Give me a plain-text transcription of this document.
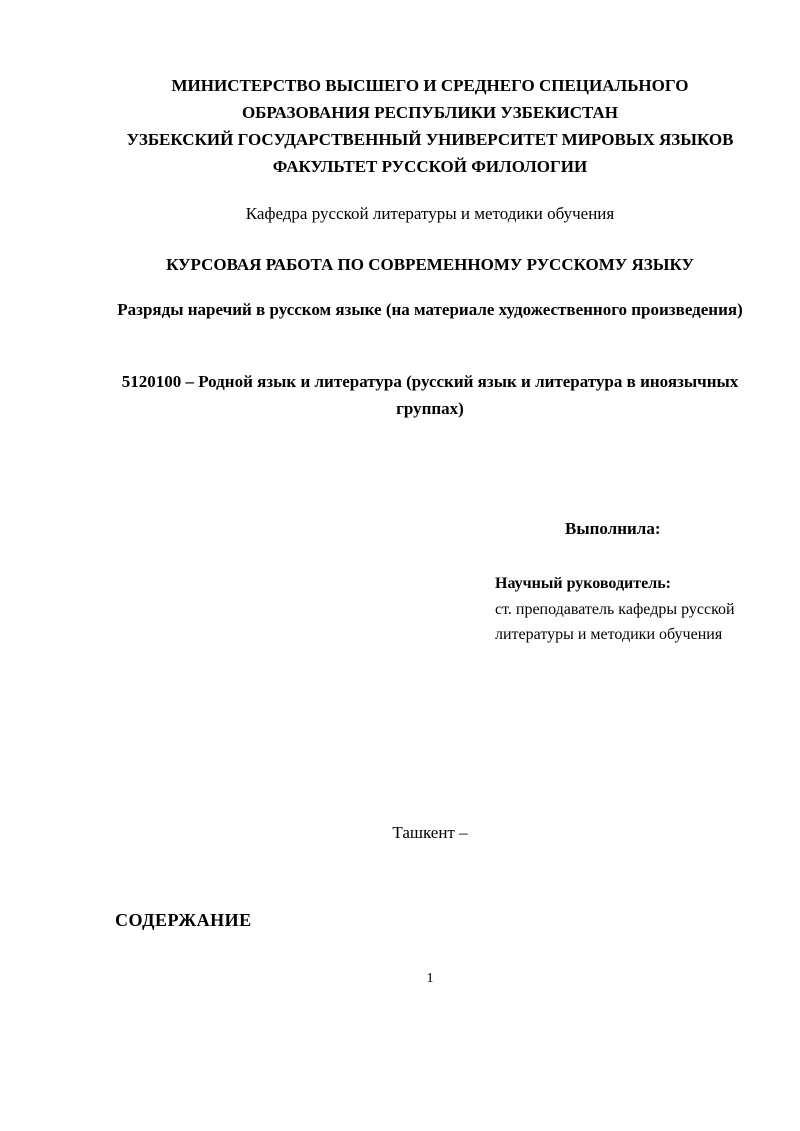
МИНИСТЕРСТВО ВЫСШЕГО И СРЕДНЕГО СПЕЦИАЛЬНОГО ОБРАЗОВАНИЯ РЕСПУБЛИКИ УЗБЕКИСТАН
УЗБЕКСКИЙ ГОСУДАРСТВЕННЫЙ УНИВЕРСИТЕТ МИРОВЫХ ЯЗЫКОВ
ФАКУЛЬТЕТ РУССКОЙ ФИЛОЛОГИИ
Кафедра русской литературы и методики обучения
КУРСОВАЯ РАБОТА ПО СОВРЕМЕННОМУ РУССКОМУ ЯЗЫКУ
Разряды наречий в русском языке (на материале художественного произведения)
5120100 – Родной язык и литература (русский язык и литература в иноязычных группах)
Выполнила:
Научный руководитель:
ст. преподаватель кафедры русской
литературы и методики обучения
Ташкент –
СОДЕРЖАНИЕ
1
